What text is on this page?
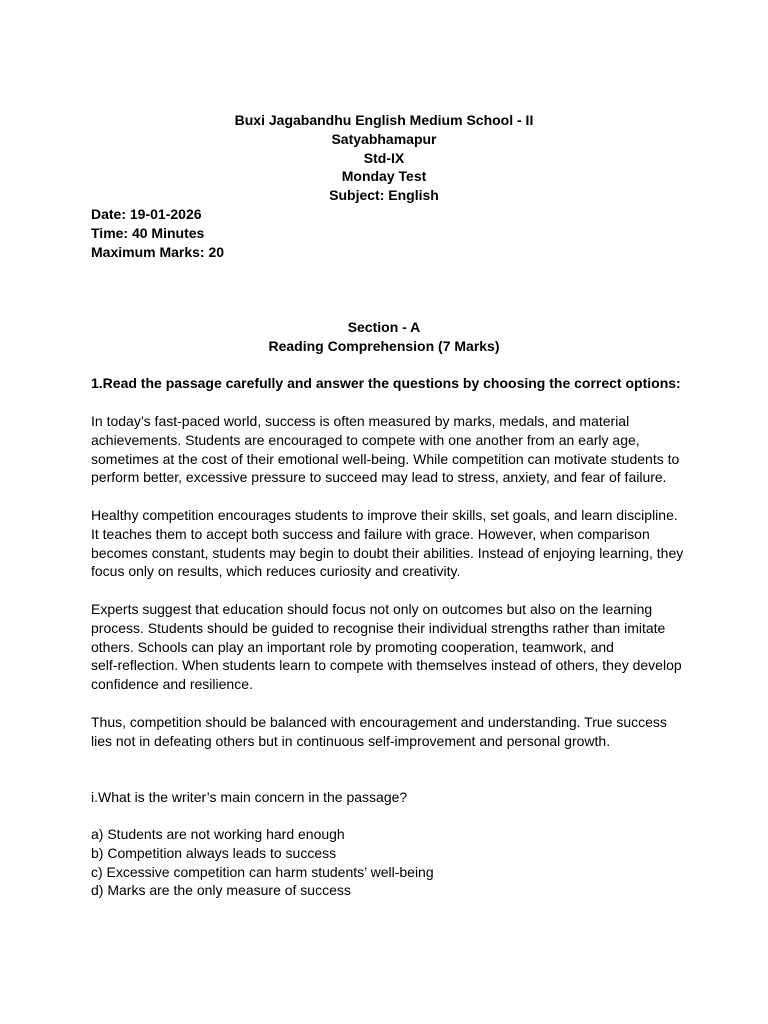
Buxi Jagabandhu English Medium School - II
Satyabhamapur
Std-IX
Monday Test
Subject: English
Date: 19-01-2026
Time: 40 Minutes
Maximum Marks: 20
Section - A
Reading Comprehension (7 Marks)
1.Read the passage carefully and answer the questions by choosing the correct options:

In today’s fast-paced world, success is often measured by marks, medals, and material
achievements. Students are encouraged to compete with one another from an early age,
sometimes at the cost of their emotional well-being. While competition can motivate students to
perform better, excessive pressure to succeed may lead to stress, anxiety, and fear of failure.

Healthy competition encourages students to improve their skills, set goals, and learn discipline.
It teaches them to accept both success and failure with grace. However, when comparison
becomes constant, students may begin to doubt their abilities. Instead of enjoying learning, they
focus only on results, which reduces curiosity and creativity.

Experts suggest that education should focus not only on outcomes but also on the learning
process. Students should be guided to recognise their individual strengths rather than imitate
others. Schools can play an important role by promoting cooperation, teamwork, and
self-reflection. When students learn to compete with themselves instead of others, they develop
confidence and resilience.

Thus, competition should be balanced with encouragement and understanding. True success
lies not in defeating others but in continuous self-improvement and personal growth.

i.What is the writer’s main concern in the passage?
a) Students are not working hard enough
b) Competition always leads to success
c) Excessive competition can harm students’ well-being
d) Marks are the only measure of success
